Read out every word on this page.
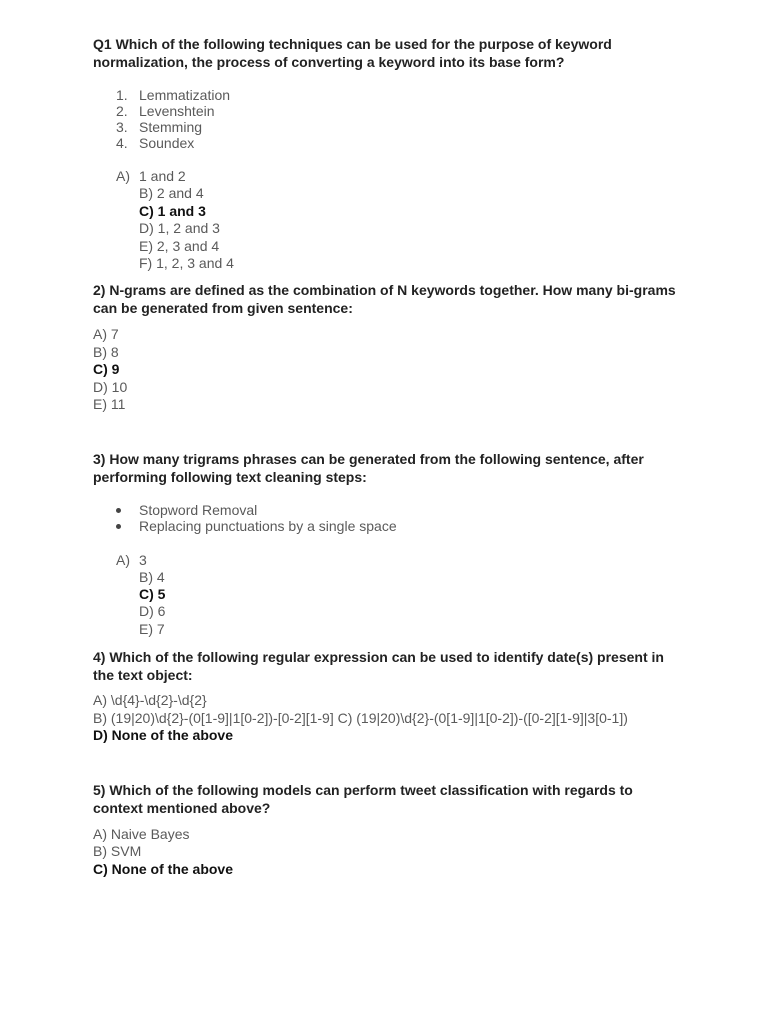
Q1 Which of the following techniques can be used for the purpose of keyword normalization, the process of converting a keyword into its base form?
1. Lemmatization
2. Levenshtein
3. Stemming
4. Soundex
A) 1 and 2
B) 2 and 4
C) 1 and 3
D) 1, 2 and 3
E) 2, 3 and 4
F) 1, 2, 3 and 4
2) N-grams are defined as the combination of N keywords together. How many bi-grams can be generated from given sentence:
A) 7
B) 8
C) 9
D) 10
E) 11
3) How many trigrams phrases can be generated from the following sentence, after performing following text cleaning steps:
Stopword Removal
Replacing punctuations by a single space
A) 3
B) 4
C) 5
D) 6
E) 7
4) Which of the following regular expression can be used to identify date(s) present in the text object:
A) \d{4}-\d{2}-\d{2}
B) (19|20)\d{2}-(0[1-9]|1[0-2])-[0-2][1-9] C) (19|20)\d{2}-(0[1-9]|1[0-2])-([0-2][1-9]|3[0-1])
D) None of the above
5) Which of the following models can perform tweet classification with regards to context mentioned above?
A) Naive Bayes
B) SVM
C) None of the above
